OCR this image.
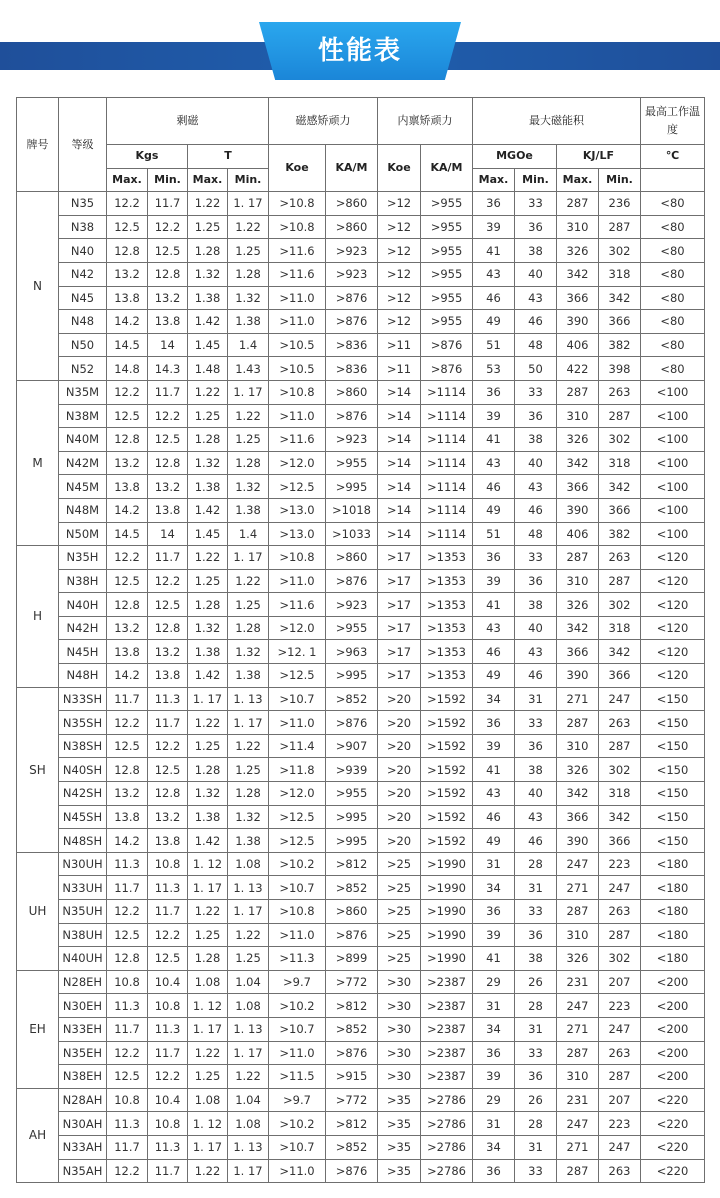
性能表
牌号	等级	剩磁				磁感矫顽力		内禀矫顽力		最大磁能积				最高工作温度
		Kgs		T		Koe	KA/M	Koe	KA/M	MGOe		KJ/LF		℃
		Max.	Min.	Max.	Min.					Max.	Min.	Max.	Min.	
N	N35	12.2	11.7	1.22	1. 17	>10.8	>860	>12	>955	36	33	287	236	<80
	N38	12.5	12.2	1.25	1.22	>10.8	>860	>12	>955	39	36	310	287	<80
	N40	12.8	12.5	1.28	1.25	>11.6	>923	>12	>955	41	38	326	302	<80
	N42	13.2	12.8	1.32	1.28	>11.6	>923	>12	>955	43	40	342	318	<80
	N45	13.8	13.2	1.38	1.32	>11.0	>876	>12	>955	46	43	366	342	<80
	N48	14.2	13.8	1.42	1.38	>11.0	>876	>12	>955	49	46	390	366	<80
	N50	14.5	14	1.45	1.4	>10.5	>836	>11	>876	51	48	406	382	<80
	N52	14.8	14.3	1.48	1.43	>10.5	>836	>11	>876	53	50	422	398	<80
M	N35M	12.2	11.7	1.22	1. 17	>10.8	>860	>14	>1114	36	33	287	263	<100
	N38M	12.5	12.2	1.25	1.22	>11.0	>876	>14	>1114	39	36	310	287	<100
	N40M	12.8	12.5	1.28	1.25	>11.6	>923	>14	>1114	41	38	326	302	<100
	N42M	13.2	12.8	1.32	1.28	>12.0	>955	>14	>1114	43	40	342	318	<100
	N45M	13.8	13.2	1.38	1.32	>12.5	>995	>14	>1114	46	43	366	342	<100
	N48M	14.2	13.8	1.42	1.38	>13.0	>1018	>14	>1114	49	46	390	366	<100
	N50M	14.5	14	1.45	1.4	>13.0	>1033	>14	>1114	51	48	406	382	<100
H	N35H	12.2	11.7	1.22	1. 17	>10.8	>860	>17	>1353	36	33	287	263	<120
	N38H	12.5	12.2	1.25	1.22	>11.0	>876	>17	>1353	39	36	310	287	<120
	N40H	12.8	12.5	1.28	1.25	>11.6	>923	>17	>1353	41	38	326	302	<120
	N42H	13.2	12.8	1.32	1.28	>12.0	>955	>17	>1353	43	40	342	318	<120
	N45H	13.8	13.2	1.38	1.32	>12. 1	>963	>17	>1353	46	43	366	342	<120
	N48H	14.2	13.8	1.42	1.38	>12.5	>995	>17	>1353	49	46	390	366	<120
SH	N33SH	11.7	11.3	1. 17	1. 13	>10.7	>852	>20	>1592	34	31	271	247	<150
	N35SH	12.2	11.7	1.22	1. 17	>11.0	>876	>20	>1592	36	33	287	263	<150
	N38SH	12.5	12.2	1.25	1.22	>11.4	>907	>20	>1592	39	36	310	287	<150
	N40SH	12.8	12.5	1.28	1.25	>11.8	>939	>20	>1592	41	38	326	302	<150
	N42SH	13.2	12.8	1.32	1.28	>12.0	>955	>20	>1592	43	40	342	318	<150
	N45SH	13.8	13.2	1.38	1.32	>12.5	>995	>20	>1592	46	43	366	342	<150
	N48SH	14.2	13.8	1.42	1.38	>12.5	>995	>20	>1592	49	46	390	366	<150
UH	N30UH	11.3	10.8	1. 12	1.08	>10.2	>812	>25	>1990	31	28	247	223	<180
	N33UH	11.7	11.3	1. 17	1. 13	>10.7	>852	>25	>1990	34	31	271	247	<180
	N35UH	12.2	11.7	1.22	1. 17	>10.8	>860	>25	>1990	36	33	287	263	<180
	N38UH	12.5	12.2	1.25	1.22	>11.0	>876	>25	>1990	39	36	310	287	<180
	N40UH	12.8	12.5	1.28	1.25	>11.3	>899	>25	>1990	41	38	326	302	<180
EH	N28EH	10.8	10.4	1.08	1.04	>9.7	>772	>30	>2387	29	26	231	207	<200
	N30EH	11.3	10.8	1. 12	1.08	>10.2	>812	>30	>2387	31	28	247	223	<200
	N33EH	11.7	11.3	1. 17	1. 13	>10.7	>852	>30	>2387	34	31	271	247	<200
	N35EH	12.2	11.7	1.22	1. 17	>11.0	>876	>30	>2387	36	33	287	263	<200
	N38EH	12.5	12.2	1.25	1.22	>11.5	>915	>30	>2387	39	36	310	287	<200
AH	N28AH	10.8	10.4	1.08	1.04	>9.7	>772	>35	>2786	29	26	231	207	<220
	N30AH	11.3	10.8	1. 12	1.08	>10.2	>812	>35	>2786	31	28	247	223	<220
	N33AH	11.7	11.3	1. 17	1. 13	>10.7	>852	>35	>2786	34	31	271	247	<220
	N35AH	12.2	11.7	1.22	1. 17	>11.0	>876	>35	>2786	36	33	287	263	<220
